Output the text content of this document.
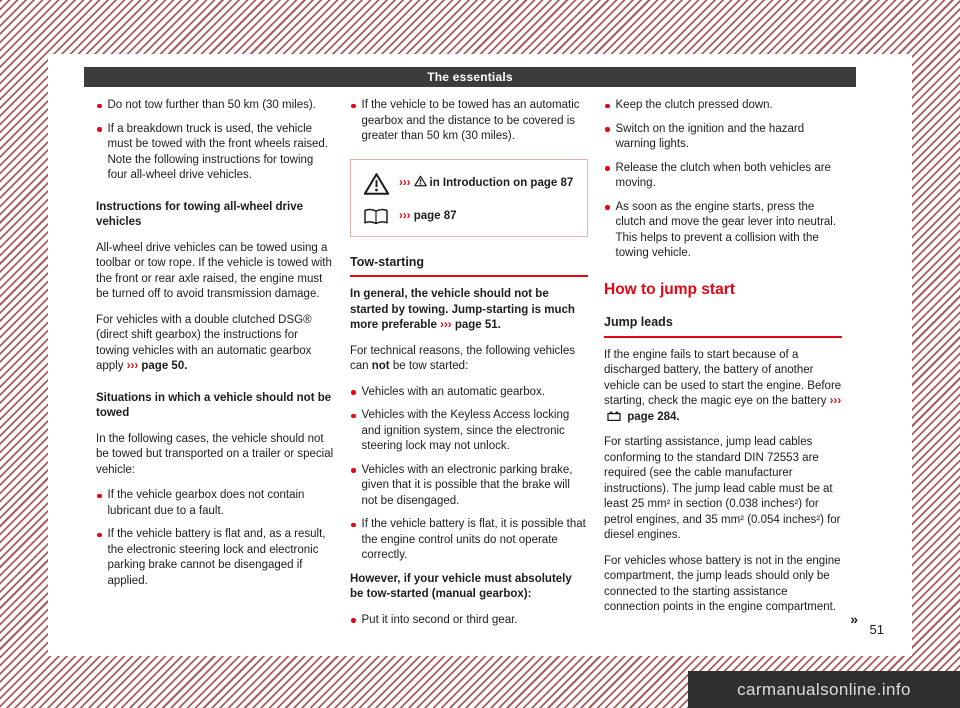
The essentials
Do not tow further than 50 km (30 miles).
If a breakdown truck is used, the vehicle must be towed with the front wheels raised. Note the following instructions for towing four all-wheel drive vehicles.
Instructions for towing all-wheel drive vehicles

All-wheel drive vehicles can be towed using a toolbar or tow rope. If the vehicle is towed with the front or rear axle raised, the engine must be turned off to avoid transmission damage.

For vehicles with a double clutched DSG® (direct shift gearbox) the instructions for towing vehicles with an automatic gearbox apply ››› page 50.

Situations in which a vehicle should not be towed

In the following cases, the vehicle should not be towed but transported on a trailer or special vehicle:

If the vehicle gearbox does not contain lubricant due to a fault.
If the vehicle battery is flat and, as a result, the electronic steering lock and electronic parking brake cannot be disengaged if applied.
If the vehicle to be towed has an automatic gearbox and the distance to be covered is greater than 50 km (30 miles).
››› in Introduction on page 87
››› page 87
Tow-starting

In general, the vehicle should not be started by towing. Jump-starting is much more preferable ››› page 51.

For technical reasons, the following vehicles can not be tow started:

Vehicles with an automatic gearbox.
Vehicles with the Keyless Access locking and ignition system, since the electronic steering lock may not unlock.
Vehicles with an electronic parking brake, given that it is possible that the brake will not be disengaged.
If the vehicle battery is flat, it is possible that the engine control units do not operate correctly.

However, if your vehicle must absolutely be tow-started (manual gearbox):

Put it into second or third gear.
Keep the clutch pressed down.
Switch on the ignition and the hazard warning lights.
Release the clutch when both vehicles are moving.
As soon as the engine starts, press the clutch and move the gear lever into neutral. This helps to prevent a collision with the towing vehicle.
How to jump start
Jump leads

If the engine fails to start because of a discharged battery, the battery of another vehicle can be used to start the engine. Before starting, check the magic eye on the battery ››› page 284.

For starting assistance, jump lead cables conforming to the standard DIN 72553 are required (see the cable manufacturer instructions). The jump lead cable must be at least 25 mm² in section (0.038 inches²) for petrol engines, and 35 mm² (0.054 inches²) for diesel engines.

For vehicles whose battery is not in the engine compartment, the jump leads should only be connected to the starting assistance connection points in the engine compartment.

»
51
carmanualsonline.info
